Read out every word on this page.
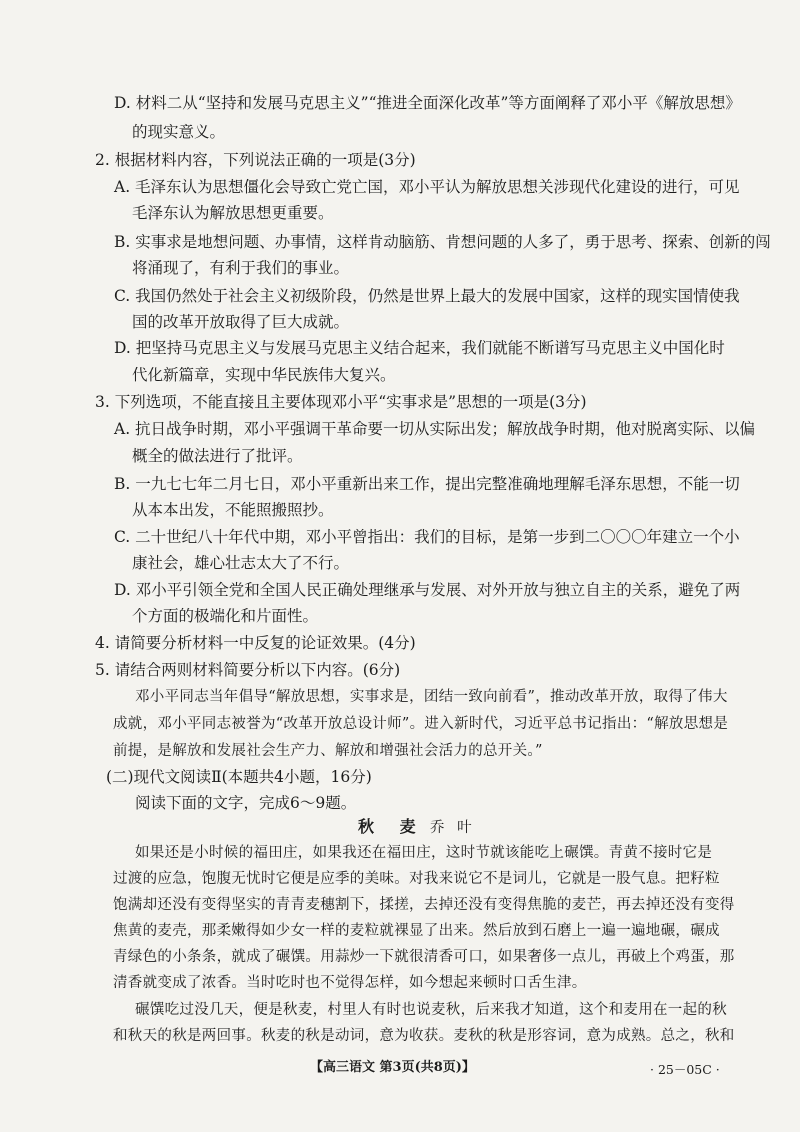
D. 材料二从“坚持和发展马克思主义”“推进全面深化改革”等方面阐释了邓小平《解放思想》
的现实意义。
2. 根据材料内容，下列说法正确的一项是(3分)
A. 毛泽东认为思想僵化会导致亡党亡国，邓小平认为解放思想关涉现代化建设的进行，可见
毛泽东认为解放思想更重要。
B. 实事求是地想问题、办事情，这样肯动脑筋、肯想问题的人多了，勇于思考、探索、创新的闯
将涌现了，有利于我们的事业。
C. 我国仍然处于社会主义初级阶段，仍然是世界上最大的发展中国家，这样的现实国情使我
国的改革开放取得了巨大成就。
D. 把坚持马克思主义与发展马克思主义结合起来，我们就能不断谱写马克思主义中国化时
代化新篇章，实现中华民族伟大复兴。
3. 下列选项，不能直接且主要体现邓小平“实事求是”思想的一项是(3分)
A. 抗日战争时期，邓小平强调干革命要一切从实际出发；解放战争时期，他对脱离实际、以偏
概全的做法进行了批评。
B. 一九七七年二月七日，邓小平重新出来工作，提出完整准确地理解毛泽东思想，不能一切
从本本出发，不能照搬照抄。
C. 二十世纪八十年代中期，邓小平曾指出：我们的目标，是第一步到二〇〇〇年建立一个小
康社会，雄心壮志太大了不行。
D. 邓小平引领全党和全国人民正确处理继承与发展、对外开放与独立自主的关系，避免了两
个方面的极端化和片面性。
4. 请简要分析材料一中反复的论证效果。(4分)
5. 请结合两则材料简要分析以下内容。(6分)
邓小平同志当年倡导“解放思想，实事求是，团结一致向前看”，推动改革开放，取得了伟大
成就，邓小平同志被誉为“改革开放总设计师”。进入新时代，习近平总书记指出：“解放思想是
前提，是解放和发展社会生产力、解放和增强社会活力的总开关。”
(二)现代文阅读Ⅱ(本题共4小题，16分)
阅读下面的文字，完成6～9题。
秋 麦 乔 叶
如果还是小时候的福田庄，如果我还在福田庄，这时节就该能吃上碾馔。青黄不接时它是
过渡的应急，饱腹无忧时它便是应季的美味。对我来说它不是词儿，它就是一股气息。把籽粒
饱满却还没有变得坚实的青青麦穗割下，揉搓，去掉还没有变得焦脆的麦芒，再去掉还没有变得
焦黄的麦壳，那柔嫩得如少女一样的麦粒就裸显了出来。然后放到石磨上一遍一遍地碾，碾成
青绿色的小条条，就成了碾馔。用蒜炒一下就很清香可口，如果奢侈一点儿，再破上个鸡蛋，那
清香就变成了浓香。当时吃时也不觉得怎样，如今想起来顿时口舌生津。
碾馔吃过没几天，便是秋麦，村里人有时也说麦秋，后来我才知道，这个和麦用在一起的秋
和秋天的秋是两回事。秋麦的秋是动词，意为收获。麦秋的秋是形容词，意为成熟。总之，秋和
【高三语文 第3页(共8页)】	· 25－05C ·
